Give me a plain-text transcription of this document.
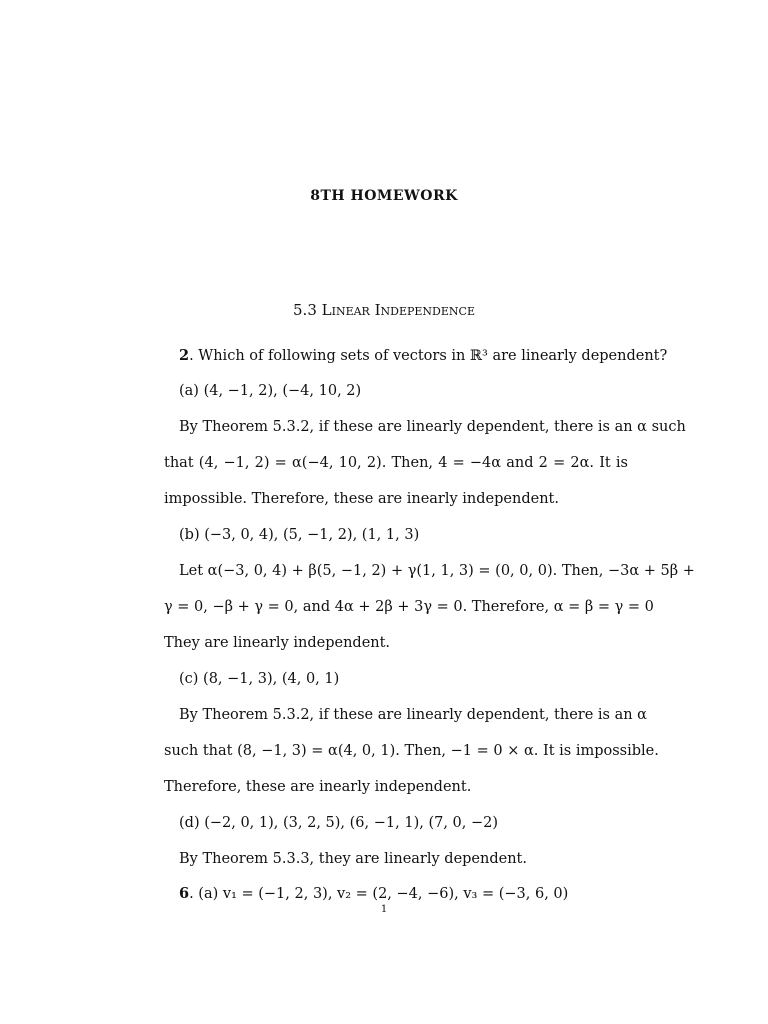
8TH HOMEWORK
5.3 Linear Independence
2. Which of following sets of vectors in ℝ³ are linearly dependent?
(a) (4, −1, 2), (−4, 10, 2)
By Theorem 5.3.2, if these are linearly dependent, there is an α such
that (4, −1, 2) = α(−4, 10, 2). Then, 4 = −4α and 2 = 2α. It is
impossible. Therefore, these are inearly independent.
(b) (−3, 0, 4), (5, −1, 2), (1, 1, 3)
Let α(−3, 0, 4) + β(5, −1, 2) + γ(1, 1, 3) = (0, 0, 0). Then, −3α + 5β +
γ = 0, −β + γ = 0, and 4α + 2β + 3γ = 0. Therefore, α = β = γ = 0
They are linearly independent.
(c) (8, −1, 3), (4, 0, 1)
By Theorem 5.3.2, if these are linearly dependent, there is an α
such that (8, −1, 3) = α(4, 0, 1). Then, −1 = 0 × α. It is impossible.
Therefore, these are inearly independent.
(d) (−2, 0, 1), (3, 2, 5), (6, −1, 1), (7, 0, −2)
By Theorem 5.3.3, they are linearly dependent.
6. (a) v₁ = (−1, 2, 3), v₂ = (2, −4, −6), v₃ = (−3, 6, 0)
1
